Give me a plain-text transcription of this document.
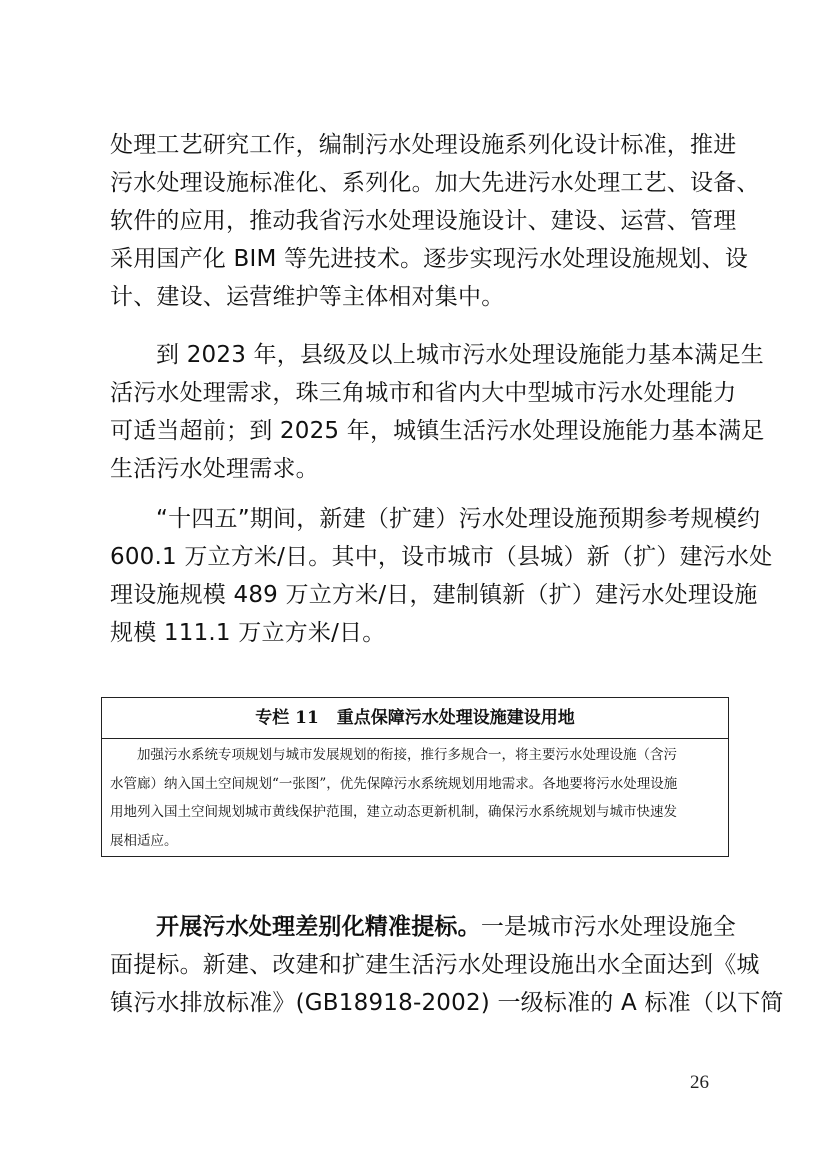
处理工艺研究工作，编制污水处理设施系列化设计标准，推进
污水处理设施标准化、系列化。加大先进污水处理工艺、设备、
软件的应用，推动我省污水处理设施设计、建设、运营、管理
采用国产化 BIM 等先进技术。逐步实现污水处理设施规划、设
计、建设、运营维护等主体相对集中。
到 2023 年，县级及以上城市污水处理设施能力基本满足生
活污水处理需求，珠三角城市和省内大中型城市污水处理能力
可适当超前；到 2025 年，城镇生活污水处理设施能力基本满足
生活污水处理需求。
“十四五”期间，新建（扩建）污水处理设施预期参考规模约
600.1 万立方米/日。其中，设市城市（县城）新（扩）建污水处
理设施规模 489 万立方米/日，建制镇新（扩）建污水处理设施
规模 111.1 万立方米/日。
专栏 11 重点保障污水处理设施建设用地
加强污水系统专项规划与城市发展规划的衔接，推行多规合一，将主要污水处理设施（含污
水管廊）纳入国土空间规划“一张图”，优先保障污水系统规划用地需求。各地要将污水处理设施
用地列入国土空间规划城市黄线保护范围，建立动态更新机制，确保污水系统规划与城市快速发
展相适应。
开展污水处理差别化精准提标。一是城市污水处理设施全
面提标。新建、改建和扩建生活污水处理设施出水全面达到《城
镇污水排放标准》(GB18918-2002) 一级标准的 A 标准（以下简
26
